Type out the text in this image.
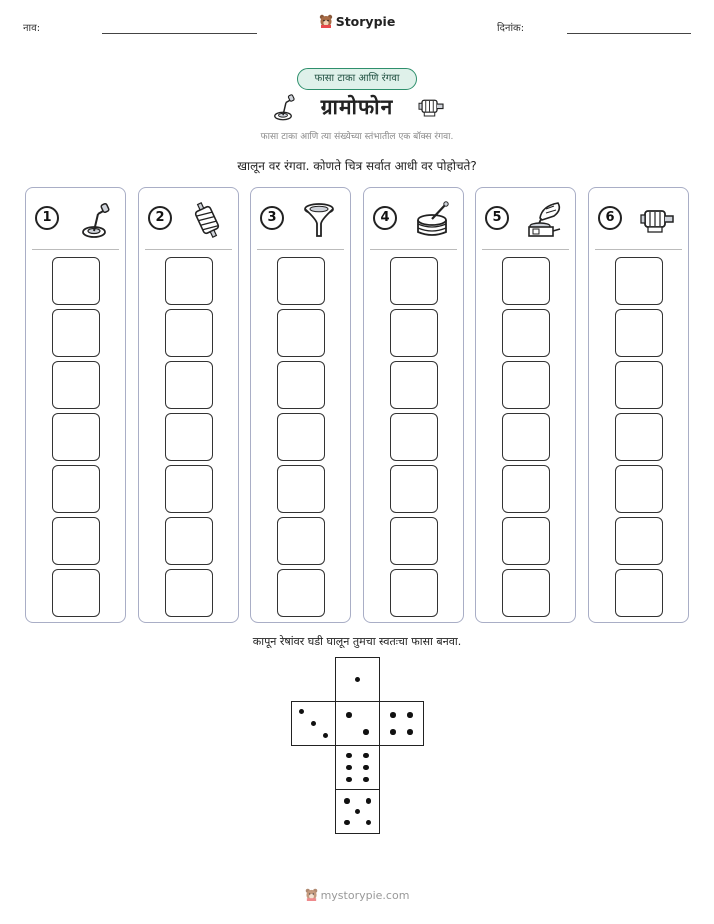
नाव:	Storypie	दिनांक:
फासा टाका आणि रंगवा
ग्रामोफोन
फासा टाका आणि त्या संख्येच्या स्तंभातील एक बॉक्स रंगवा.
खालून वर रंगवा. कोणते चित्र सर्वात आधी वर पोहोचते?
1	2	3	4	5	6
कापून रेषांवर घडी घालून तुमचा स्वतःचा फासा बनवा.
mystorypie.com
